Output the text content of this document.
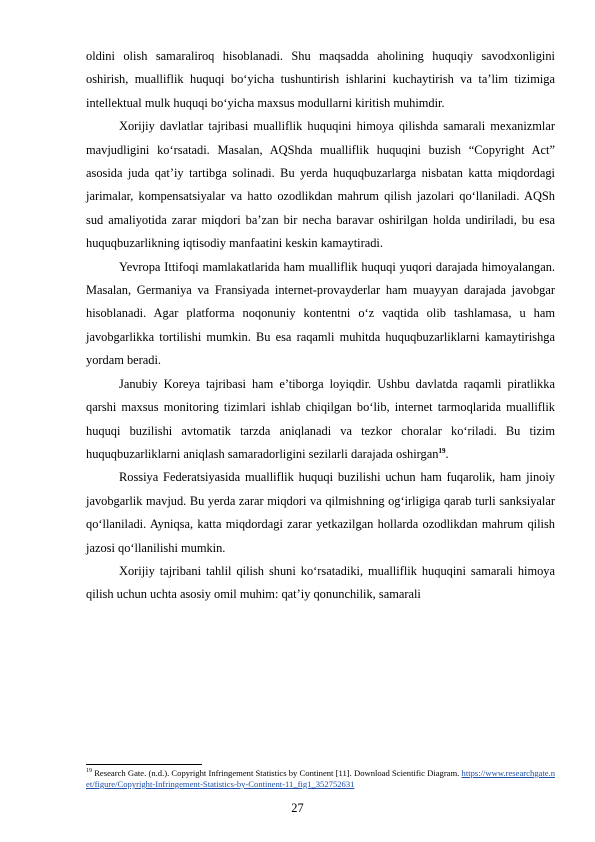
oldini olish samaraliroq hisoblanadi. Shu maqsadda aholining huquqiy savodxonligini oshirish, mualliflik huquqi bo‘yicha tushuntirish ishlarini kuchaytirish va ta’lim tizimiga intellektual mulk huquqi bo‘yicha maxsus modullarni kiritish muhimdir.

Xorijiy davlatlar tajribasi mualliflik huquqini himoya qilishda samarali mexanizmlar mavjudligini ko‘rsatadi. Masalan, AQShda mualliflik huquqini buzish “Copyright Act” asosida juda qat’iy tartibga solinadi. Bu yerda huquqbuzarlarga nisbatan katta miqdordagi jarimalar, kompensatsiyalar va hatto ozodlikdan mahrum qilish jazolari qo‘llaniladi. AQSh sud amaliyotida zarar miqdori ba’zan bir necha baravar oshirilgan holda undiriladi, bu esa huquqbuzarlikning iqtisodiy manfaatini keskin kamaytiradi.

Yevropa Ittifoqi mamlakatlarida ham mualliflik huquqi yuqori darajada himoyalangan. Masalan, Germaniya va Fransiyada internet-provayderlar ham muayyan darajada javobgar hisoblanadi. Agar platforma noqonuniy kontentni o‘z vaqtida olib tashlamasa, u ham javobgarlikka tortilishi mumkin. Bu esa raqamli muhitda huquqbuzarliklarni kamaytirishga yordam beradi.

Janubiy Koreya tajribasi ham e’tiborga loyiqdir. Ushbu davlatda raqamli piratlikka qarshi maxsus monitoring tizimlari ishlab chiqilgan bo‘lib, internet tarmoqlarida mualliflik huquqi buzilishi avtomatik tarzda aniqlanadi va tezkor choralar ko‘riladi. Bu tizim huquqbuzarliklarni aniqlash samaradorligini sezilarli darajada oshirgan$^{19}$.

Rossiya Federatsiyasida mualliflik huquqi buzilishi uchun ham fuqarolik, ham jinoiy javobgarlik mavjud. Bu yerda zarar miqdori va qilmishning og‘irligiga qarab turli sanksiyalar qo‘llaniladi. Ayniqsa, katta miqdordagi zarar yetkazilgan hollarda ozodlikdan mahrum qilish jazosi qo‘llanilishi mumkin.

Xorijiy tajribani tahlil qilish shuni ko‘rsatadiki, mualliflik huquqini samarali himoya qilish uchun uchta asosiy omil muhim: qat’iy qonunchilik, samarali

$^{19}$ Research Gate. (n.d.). Copyright Infringement Statistics by Continent [11]. Download Scientific Diagram. https://www.researchgate.net/figure/Copyright-Infringement-Statistics-by-Continent-11_fig1_352752631
27
